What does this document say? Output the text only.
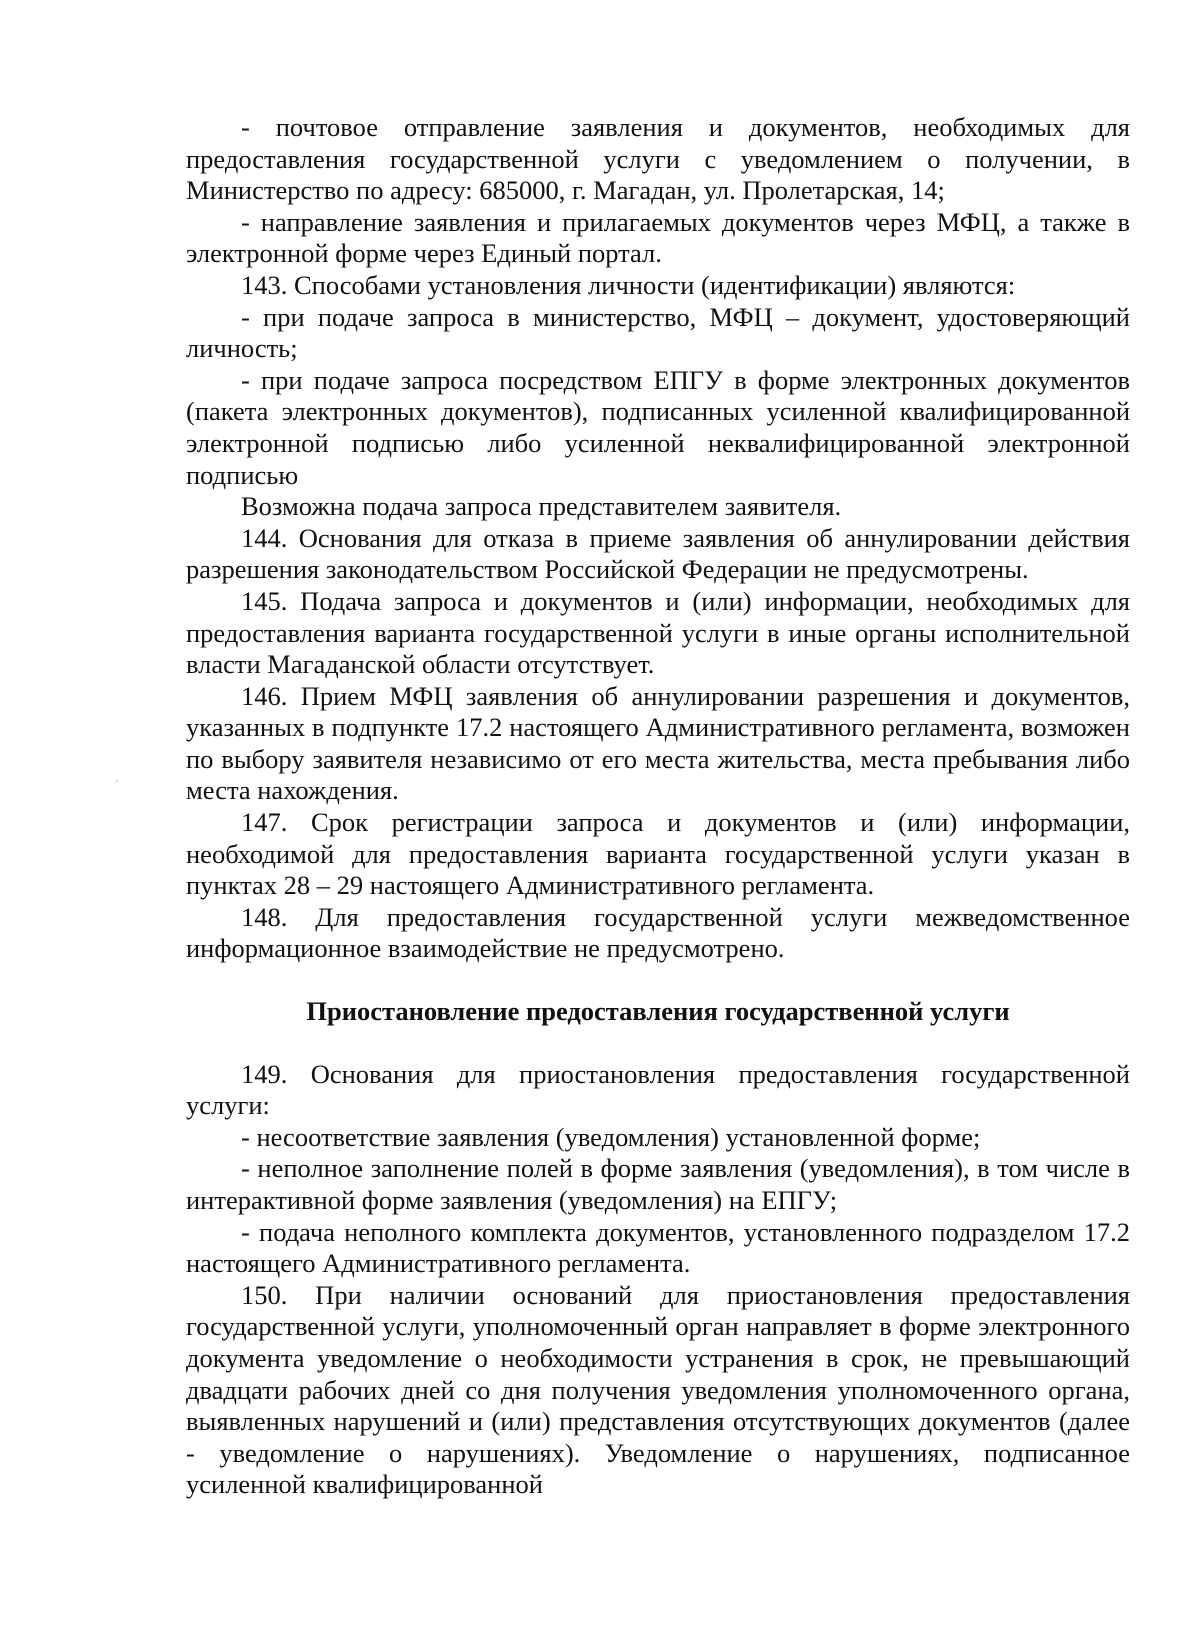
- почтовое отправление заявления и документов, необходимых для предоставления государственной услуги с уведомлением о получении, в Министерство по адресу: 685000, г. Магадан, ул. Пролетарская, 14;

- направление заявления и прилагаемых документов через МФЦ, а также в электронной форме через Единый портал.

143. Способами установления личности (идентификации) являются:

- при подаче запроса в министерство, МФЦ – документ, удостоверяющий личность;

- при подаче запроса посредством ЕПГУ в форме электронных документов (пакета электронных документов), подписанных усиленной квалифицированной электронной подписью либо усиленной неквалифицированной электронной подписью

Возможна подача запроса представителем заявителя.

144. Основания для отказа в приеме заявления об аннулировании действия разрешения законодательством Российской Федерации не предусмотрены.

145. Подача запроса и документов и (или) информации, необходимых для предоставления варианта государственной услуги в иные органы исполнительной власти Магаданской области отсутствует.

146. Прием МФЦ заявления об аннулировании разрешения и документов, указанных в подпункте 17.2 настоящего Административного регламента, возможен по выбору заявителя независимо от его места жительства, места пребывания либо места нахождения.

147. Срок регистрации запроса и документов и (или) информации, необходимой для предоставления варианта государственной услуги указан в пунктах 28 – 29 настоящего Административного регламента.

148. Для предоставления государственной услуги межведомственное информационное взаимодействие не предусмотрено.

Приостановление предоставления государственной услуги

149. Основания для приостановления предоставления государственной услуги:

- несоответствие заявления (уведомления) установленной форме;

- неполное заполнение полей в форме заявления (уведомления), в том числе в интерактивной форме заявления (уведомления) на ЕПГУ;

- подача неполного комплекта документов, установленного подразделом 17.2 настоящего Административного регламента.

150. При наличии оснований для приостановления предоставления государственной услуги, уполномоченный орган направляет в форме электронного документа уведомление о необходимости устранения в срок, не превышающий двадцати рабочих дней со дня получения уведомления уполномоченного органа, выявленных нарушений и (или) представления отсутствующих документов (далее - уведомление о нарушениях). Уведомление о нарушениях, подписанное усиленной квалифицированной
